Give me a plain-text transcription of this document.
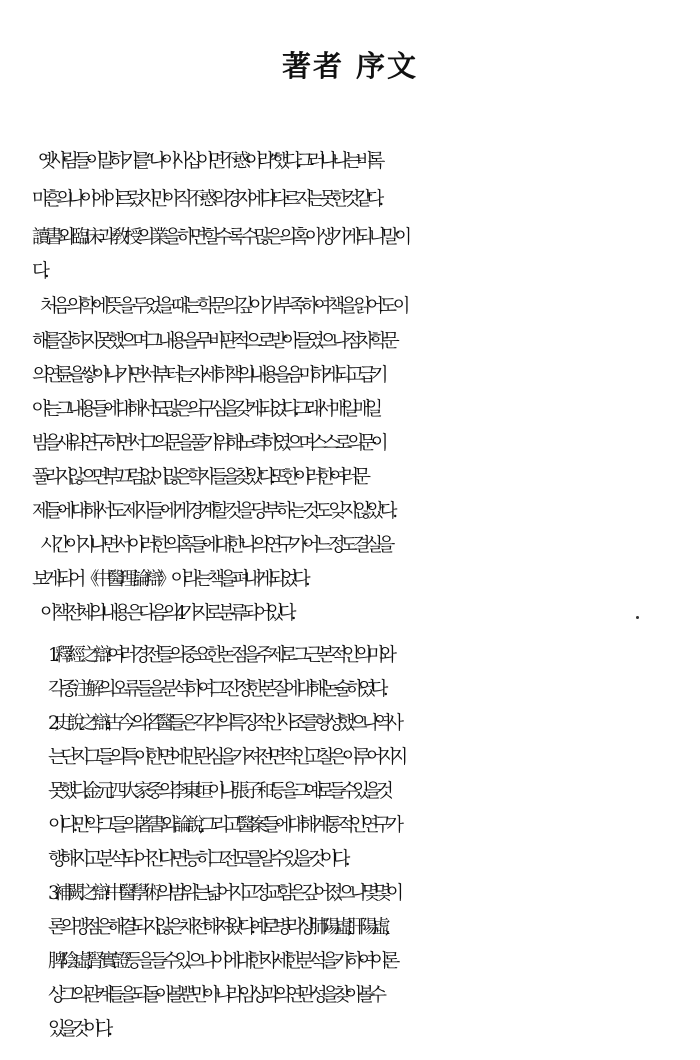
著者 序文

옛사람들이 말하기를 “나이 사십이면 不惑이라” 했다. 그러나 나는 비록

마흔의 나이에 이르렀지만 아직 不惑의 경지에 다다르지는 못한 것 같다.

讀書와 臨床과 敎授의 業을 하면 할수록 수많은 의혹이 생기게 되니 말이

다.

처음 의학에 뜻을 두었을 때는 학문의 깊이가 부족하여 책을 읽어도 이

해를 잘 하지 못했으며 그 내용을 무비판적으로 받아들였으나 점차 학문

의 연륜을 쌓아 나가면서부터는 자세히 책의 내용을 음미하게 되고 급기

야는 그 내용들에 대해서도 많은 의구심을 갖게 되었다. 그래서 매일매일

밤을 새워 연구하면서 그 의문을 풀기 위해 노력하였으며 스스로 의문이

풀리지 않으면 부끄럼 없이 많은 학자들을 찾았다. 또한 이러한 여러 문

제들에 대해서도 제자들에게 경계할 것을 당부하는 것도 잊지 않았다.

시간이 지나면서 이러한 의혹들에 대한 나의 연구가 어느 정도 결실을

보게되어 《中醫理論辯》이라는 책을 펴내게 되었다.

이 책 전체의 내용은 다음의 4가지로 분류되어 있다.

1. 釋經之辯: 여러 경전들의 중요한 논점을 주제로 그 근본적인 의미와

각종 注解의 오류들을 분석하여 그 진정한 본질에 대해 논술하였다.

2. 史說之辯: 古今의 名醫들은 각각의 특징적인 사조를 형성했으나 역사

는 단지 그들의 특이한 면에만 관심을 가져 전면적인 고찰은 이루어지지

못했다. 金元四大家 중의 李東垣이나 張子和 등을 그 예로 들 수 있을 것

이다. 만약 그들의 著書와 論說, 그리고 醫案들에 대해 계통적인 연구가

행해지고 분석되어진다면 능히 그 전모를 알 수 있을 것이다.

3. 補闕之辯: 中醫學術의 범위는 넓어지고 정교함은 깊어졌으나 몇몇 이

론의 맹점은 해결되지 않은 채 전해져 왔다. 예로 병리상 肺陽虛, 肝陽虛,

脾陰虛, 腎實證 등을 들 수 있으니 이에 대한 자세한 분석을 가하여 이론

상 그의 관계들을 되돌아 볼 뿐만 아니라 임상과의 연관성을 찾아 볼 수

있을 것이다.
